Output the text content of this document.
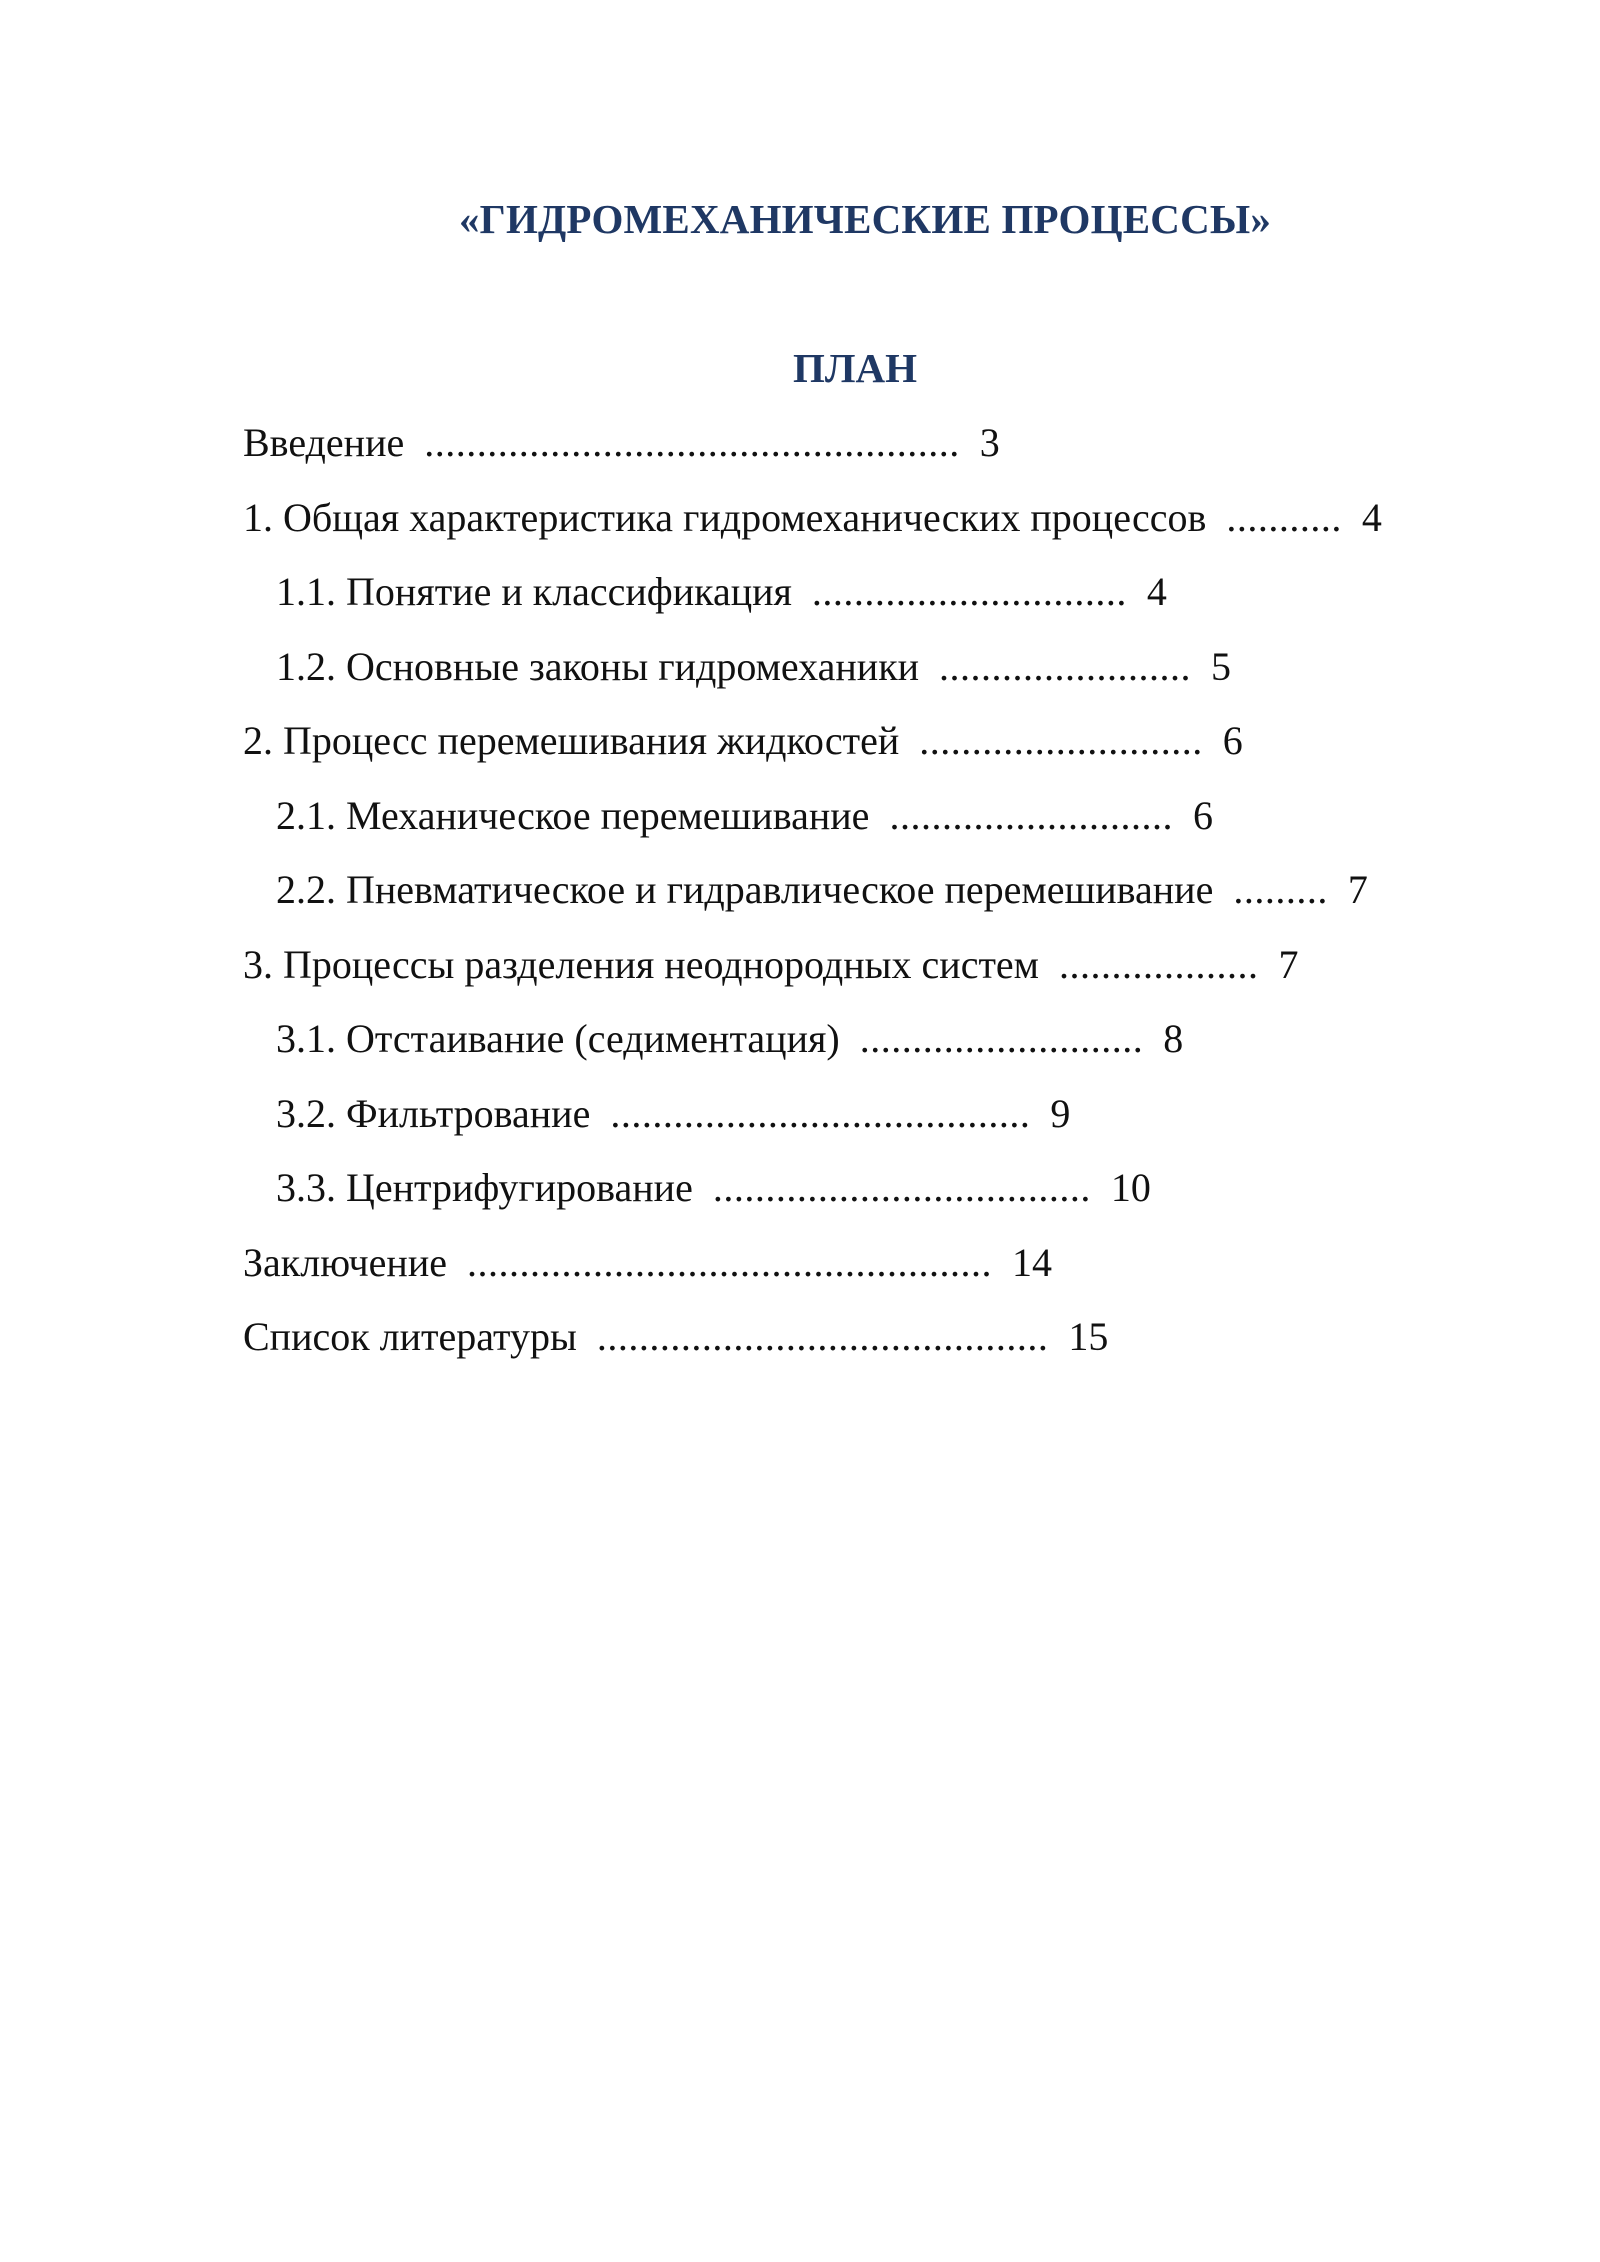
«ГИДРОМЕХАНИЧЕСКИЕ ПРОЦЕССЫ»
ПЛАН
Введение ................................................... 3
1. Общая характеристика гидромеханических процессов ........... 4
1.1. Понятие и классификация .............................. 4
1.2. Основные законы гидромеханики ........................ 5
2. Процесс перемешивания жидкостей ........................... 6
2.1. Механическое перемешивание ........................... 6
2.2. Пневматическое и гидравлическое перемешивание ......... 7
3. Процессы разделения неоднородных систем ................... 7
3.1. Отстаивание (седиментация) ........................... 8
3.2. Фильтрование ........................................ 9
3.3. Центрифугирование .................................... 10
Заключение .................................................. 14
Список литературы ........................................... 15
